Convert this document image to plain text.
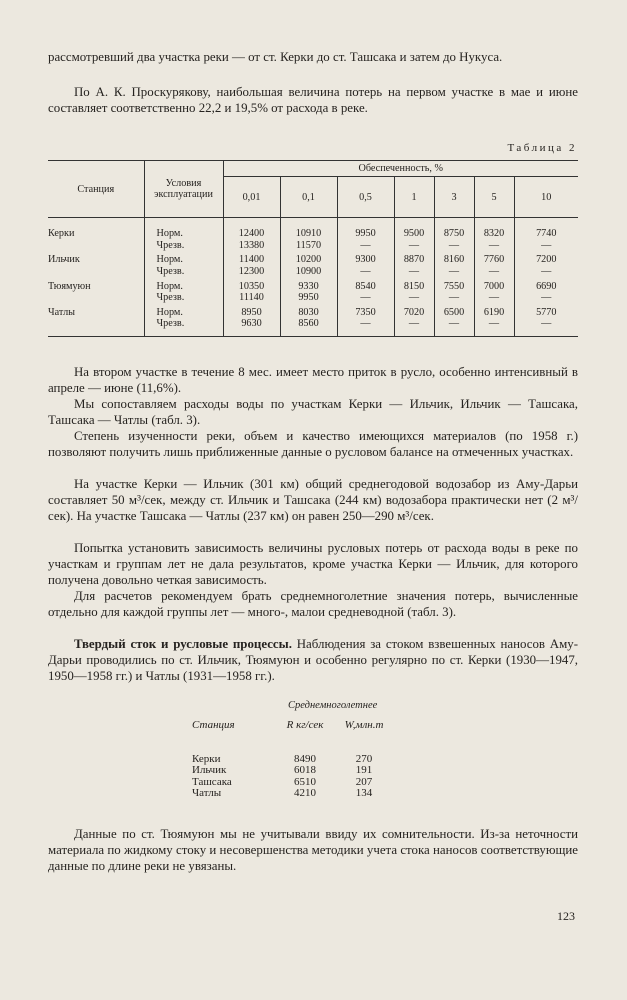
рассмотревший два участка реки — от ст. Керки до ст. Ташсака и затем до Нукуса.

По А. К. Проскурякову, наибольшая величина потерь на первом участке в мае и июне составляет соответственно 22,2 и 19,5% от расхода в реке.

Таблица 2
Станция	Условия эксплуатации	Обеспеченность, %						
		0,01	0,1	0,5	1	3	5	10
Керки	Норм.	12400	10910	9950	9500	8750	8320	7740
	Чрезв.	13380	11570	—	—	—	—	—
Ильчик	Норм.	11400	10200	9300	8870	8160	7760	7200
	Чрезв.	12300	10900	—	—	—	—	—
Тюямуюн	Норм.	10350	9330	8540	8150	7550	7000	6690
	Чрезв.	11140	9950	—	—	—	—	—
Чатлы	Норм.	8950	8030	7350	7020	6500	6190	5770
	Чрезв.	9630	8560	—	—	—	—	—

На втором участке в течение 8 мес. имеет место приток в русло, особенно интенсивный в апреле — июне (11,6%).

Мы сопоставляем расходы воды по участкам Керки — Ильчик, Ильчик — Ташсака, Ташсака — Чатлы (табл. 3).

Степень изученности реки, объем и качество имеющихся материалов (по 1958 г.) позволяют получить лишь приближенные данные о русловом балансе на отмеченных участках.

На участке Керки — Ильчик (301 км) общий среднегодовой водозабор из Аму-Дарьи составляет 50 м³/сек, между ст. Ильчик и Ташсака (244 км) водозабора практически нет (2 м³/сек). На участке Ташсака — Чатлы (237 км) он равен 250—290 м³/сек.

Попытка установить зависимость величины русловых потерь от расхода воды в реке по участкам и группам лет не дала результатов, кроме участка Керки — Ильчик, для которого получена довольно четкая зависимость.

Для расчетов рекомендуем брать среднемноголетние значения потерь, вычисленные отдельно для каждой группы лет — много-, малои средневодной (табл. 3).

Твердый сток и русловые процессы. Наблюдения за стоком взвешенных наносов Аму-Дарьи проводились по ст. Ильчик, Тюямуюн и особенно регулярно по ст. Керки (1930—1947, 1950—1958 гг.) и Чатлы (1931—1958 гг.).

Среднемноголетнее
Станция	R кг/сек	W,млн.т
Керки	8490	270
Ильчик	6018	191
Ташсака	6510	207
Чатлы	4210	134

Данные по ст. Тюямуюн мы не учитывали ввиду их сомнительности. Из-за неточности материала по жидкому стоку и несовершенства методики учета стока наносов соответствующие данные по длине реки не увязаны.

123
